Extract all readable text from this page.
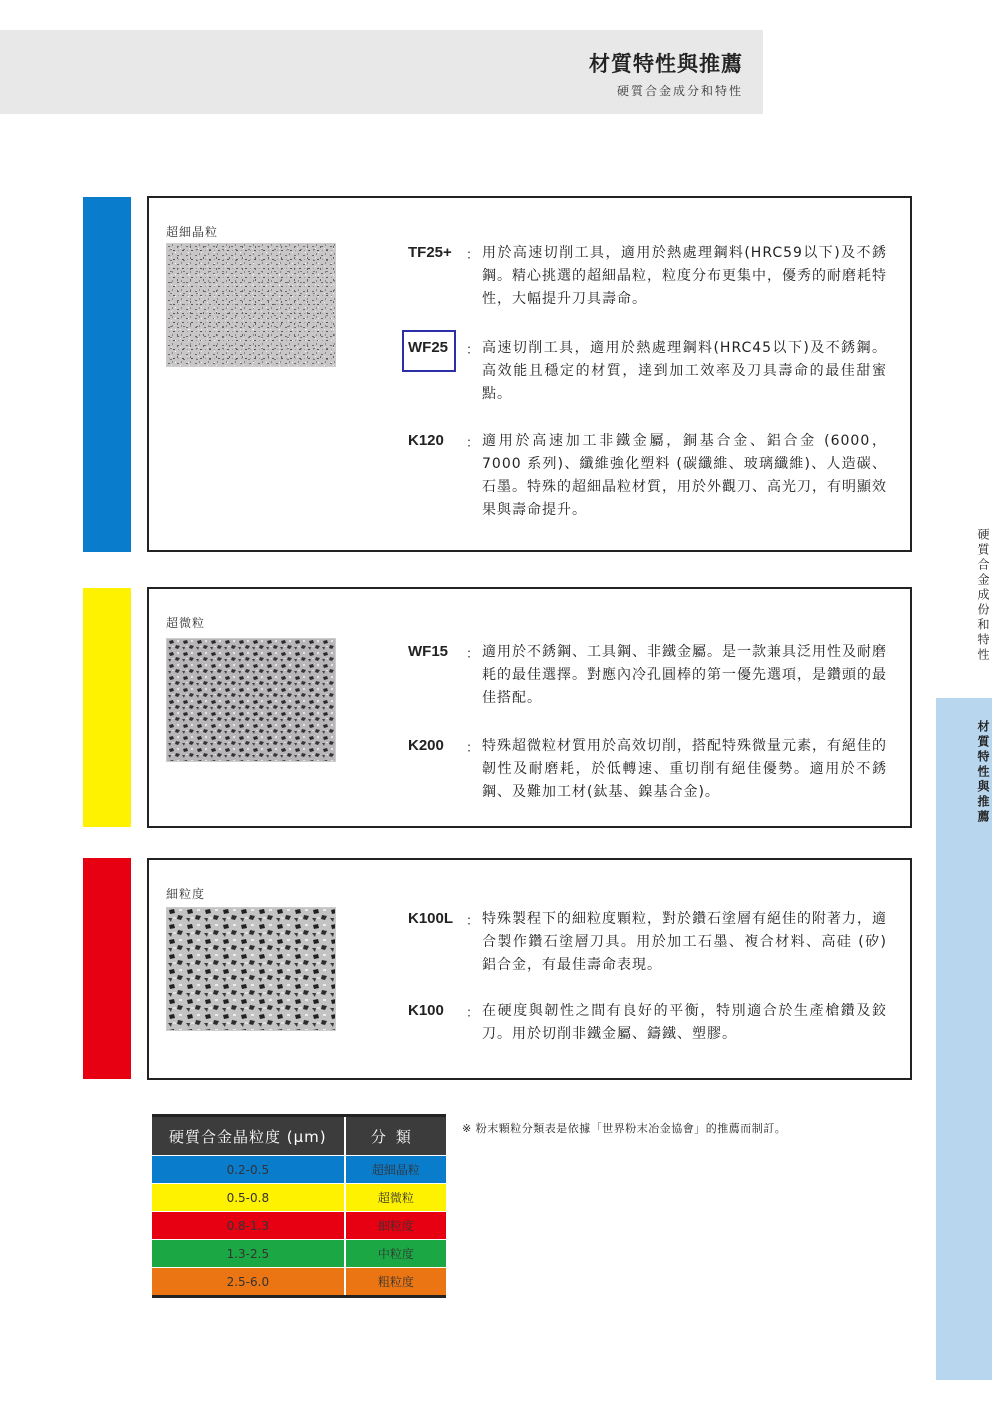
材質特性與推薦
硬質合金成分和特性
超細晶粒
TF25+ ： 用於高速切削工具，適用於熱處理鋼料(HRC59以下)及不銹鋼。精心挑選的超細晶粒，粒度分布更集中，優秀的耐磨耗特性，大幅提升刀具壽命。
WF25 ： 高速切削工具，適用於熱處理鋼料(HRC45以下)及不銹鋼。高效能且穩定的材質，達到加工效率及刀具壽命的最佳甜蜜點。
K120 ： 適用於高速加工非鐵金屬，銅基合金、鋁合金 (6000，7000 系列)、纖維強化塑料 (碳纖維、玻璃纖維)、人造碳、石墨。特殊的超細晶粒材質，用於外觀刀、高光刀，有明顯效果與壽命提升。
超微粒
WF15 ： 適用於不銹鋼、工具鋼、非鐵金屬。是一款兼具泛用性及耐磨耗的最佳選擇。對應內冷孔圓棒的第一優先選項，是鑽頭的最佳搭配。
K200 ： 特殊超微粒材質用於高效切削，搭配特殊微量元素，有絕佳的韌性及耐磨耗，於低轉速、重切削有絕佳優勢。適用於不銹鋼、及難加工材(鈦基、鎳基合金)。
細粒度
K100L ： 特殊製程下的細粒度顆粒，對於鑽石塗層有絕佳的附著力，適合製作鑽石塗層刀具。用於加工石墨、複合材料、高硅 (矽) 鋁合金，有最佳壽命表現。
K100 ： 在硬度與韌性之間有良好的平衡，特別適合於生產槍鑽及鉸刀。用於切削非鐵金屬、鑄鐵、塑膠。
硬質合金成份和特性
材質特性與推薦
硬質合金晶粒度 (μm)	分類
0.2-0.5	超細晶粒
0.5-0.8	超微粒
0.8-1.3	細粒度
1.3-2.5	中粒度
2.5-6.0	粗粒度
※ 粉末顆粒分類表是依據「世界粉末冶金協會」的推薦而制訂。
